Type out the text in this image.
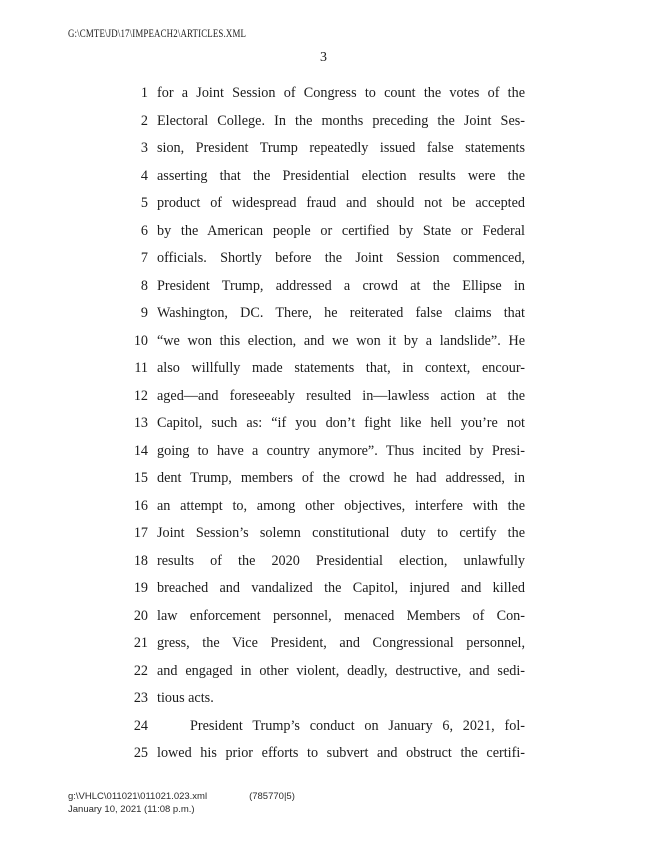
G:\CMTE\JD\17\IMPEACH2\ARTICLES.XML
3
1 for a Joint Session of Congress to count the votes of the
2 Electoral College. In the months preceding the Joint Ses-
3 sion, President Trump repeatedly issued false statements
4 asserting that the Presidential election results were the
5 product of widespread fraud and should not be accepted
6 by the American people or certified by State or Federal
7 officials. Shortly before the Joint Session commenced,
8 President Trump, addressed a crowd at the Ellipse in
9 Washington, DC. There, he reiterated false claims that
10 “we won this election, and we won it by a landslide”. He
11 also willfully made statements that, in context, encour-
12 aged—and foreseeably resulted in—lawless action at the
13 Capitol, such as: “if you don’t fight like hell you’re not
14 going to have a country anymore”. Thus incited by Presi-
15 dent Trump, members of the crowd he had addressed, in
16 an attempt to, among other objectives, interfere with the
17 Joint Session’s solemn constitutional duty to certify the
18 results of the 2020 Presidential election, unlawfully
19 breached and vandalized the Capitol, injured and killed
20 law enforcement personnel, menaced Members of Con-
21 gress, the Vice President, and Congressional personnel,
22 and engaged in other violent, deadly, destructive, and sedi-
23 tious acts.
24	President Trump’s conduct on January 6, 2021, fol-
25 lowed his prior efforts to subvert and obstruct the certifi-
g:\VHLC\011021\011021.023.xml	(785770|5)
January 10, 2021 (11:08 p.m.)
